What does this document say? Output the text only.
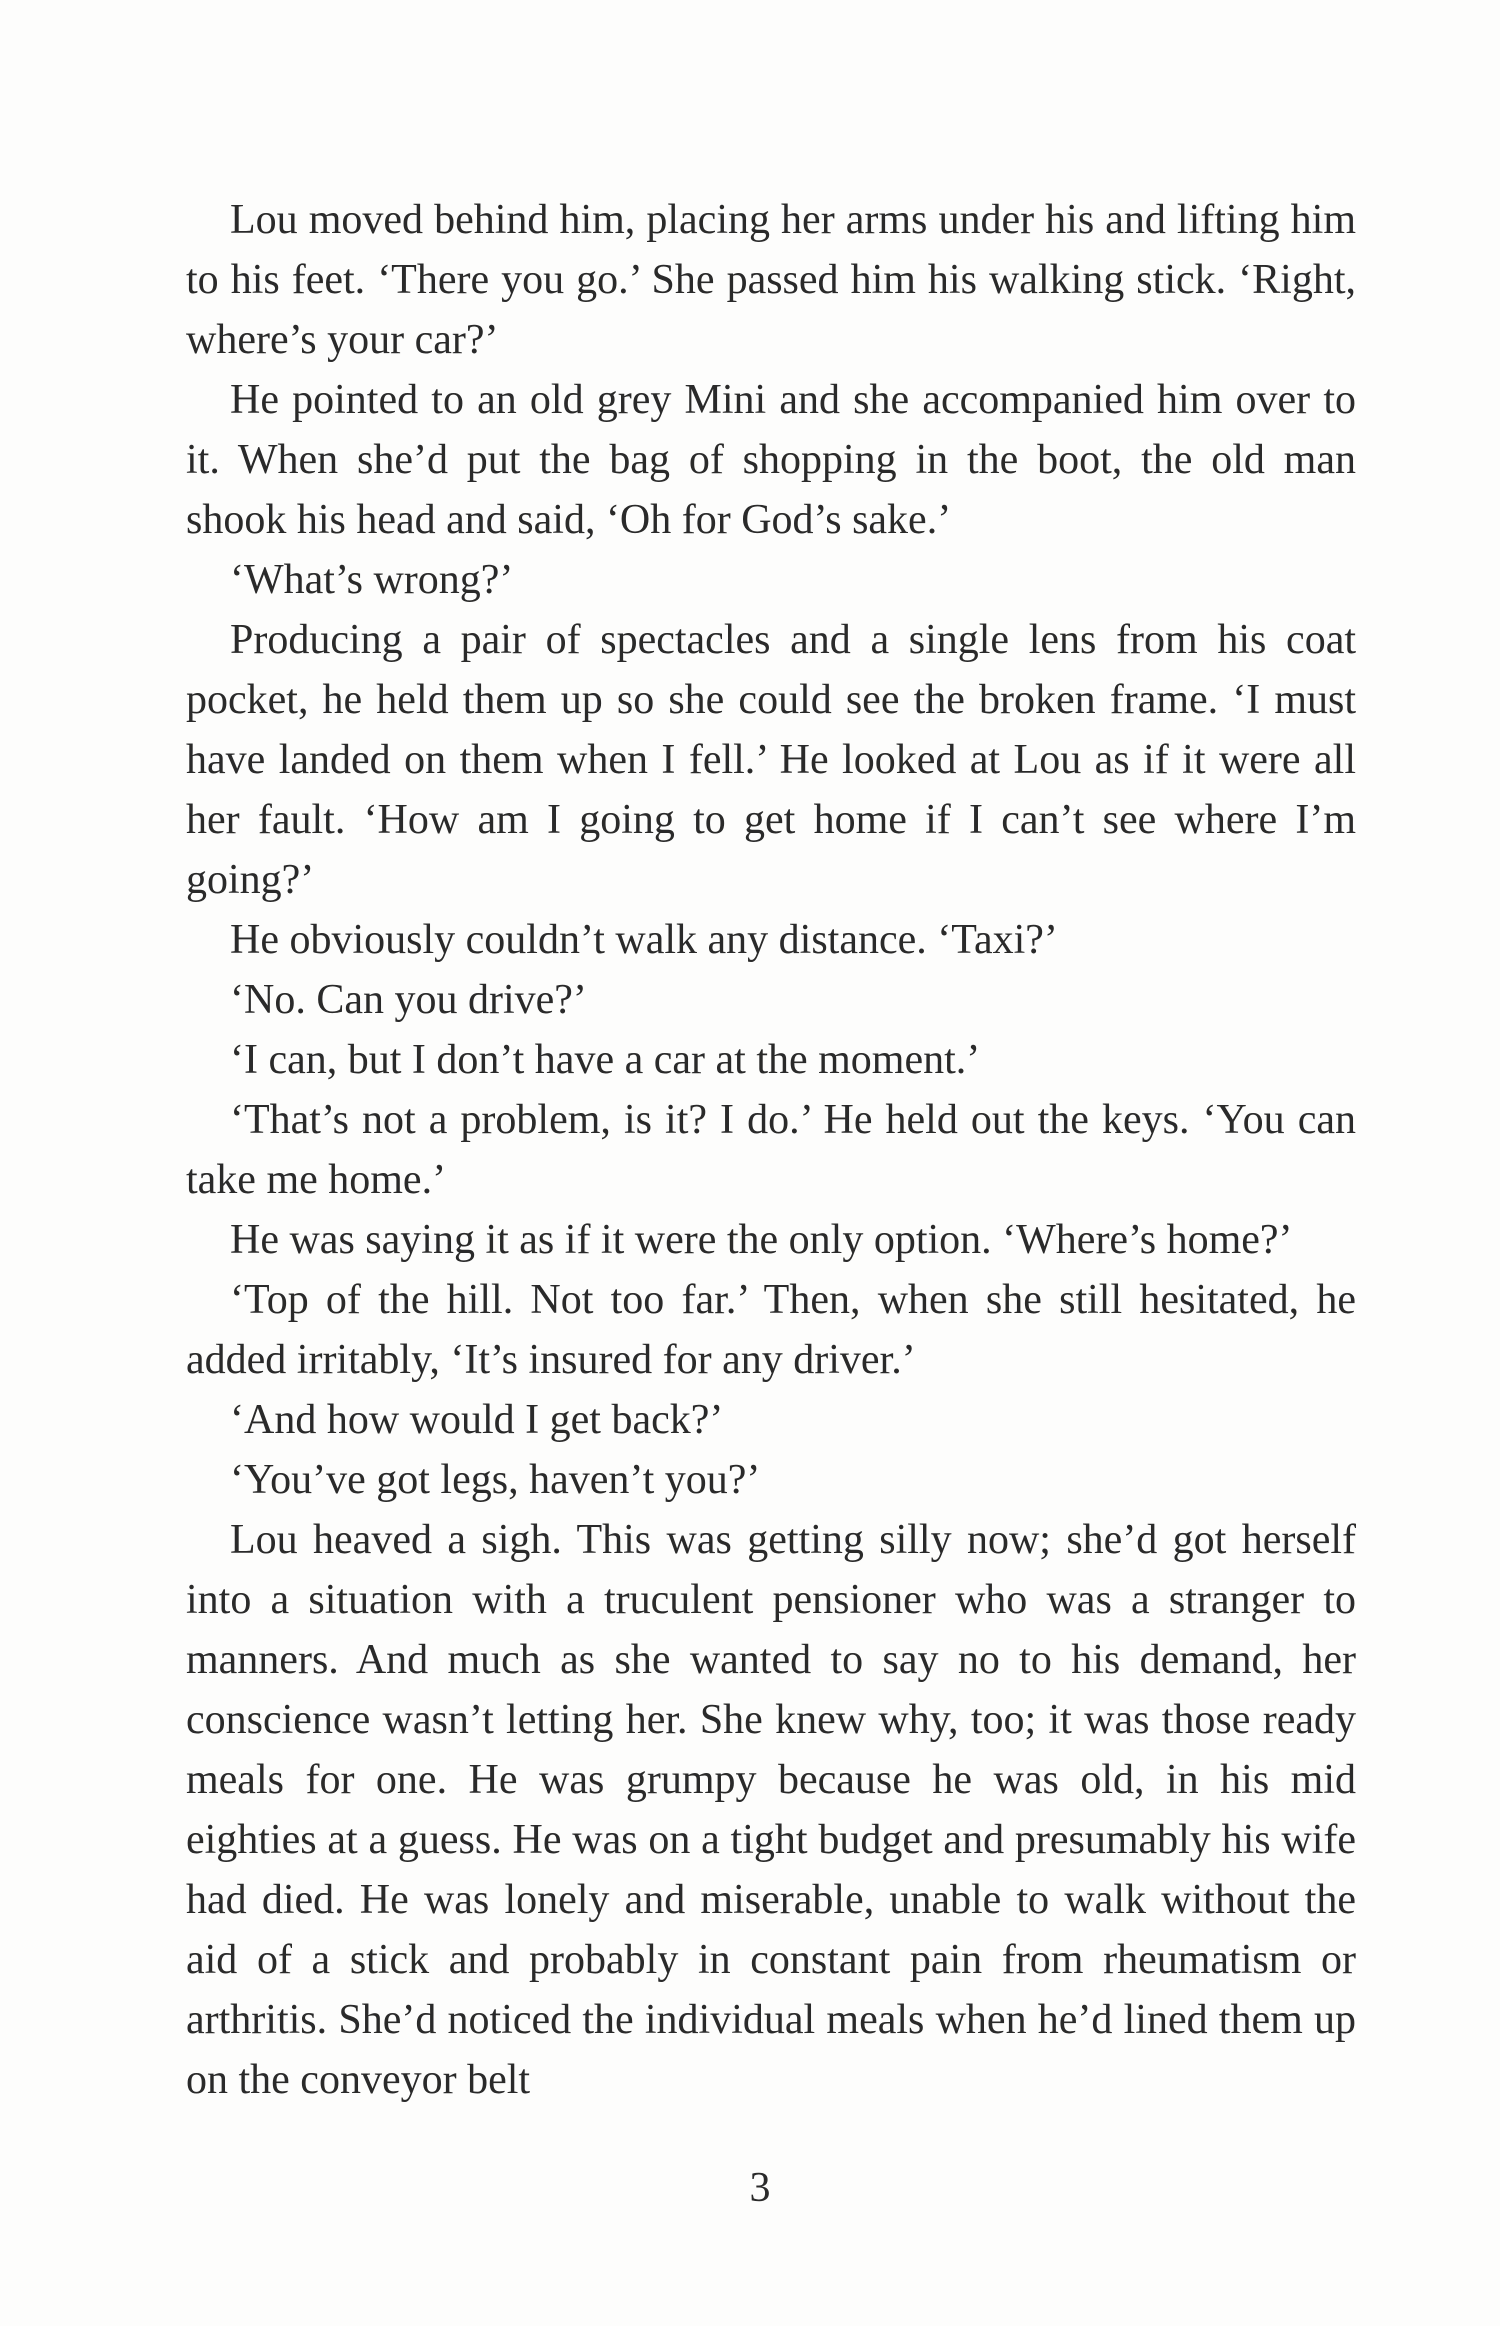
Lou moved behind him, placing her arms under his and lifting him to his feet. ‘There you go.’ She passed him his walking stick. ‘Right, where’s your car?’

He pointed to an old grey Mini and she accompanied him over to it. When she’d put the bag of shopping in the boot, the old man shook his head and said, ‘Oh for God’s sake.’

‘What’s wrong?’

Producing a pair of spectacles and a single lens from his coat pocket, he held them up so she could see the broken frame. ‘I must have landed on them when I fell.’ He looked at Lou as if it were all her fault. ‘How am I going to get home if I can’t see where I’m going?’

He obviously couldn’t walk any distance. ‘Taxi?’

‘No. Can you drive?’

‘I can, but I don’t have a car at the moment.’

‘That’s not a problem, is it? I do.’ He held out the keys. ‘You can take me home.’

He was saying it as if it were the only option. ‘Where’s home?’

‘Top of the hill. Not too far.’ Then, when she still hesitated, he added irritably, ‘It’s insured for any driver.’

‘And how would I get back?’

‘You’ve got legs, haven’t you?’

Lou heaved a sigh. This was getting silly now; she’d got herself into a situation with a truculent pensioner who was a stranger to manners. And much as she wanted to say no to his demand, her conscience wasn’t letting her. She knew why, too; it was those ready meals for one. He was grumpy because he was old, in his mid eighties at a guess. He was on a tight budget and presumably his wife had died. He was lonely and miserable, unable to walk without the aid of a stick and probably in constant pain from rheumatism or arthritis. She’d noticed the individual meals when he’d lined them up on the conveyor belt

3
